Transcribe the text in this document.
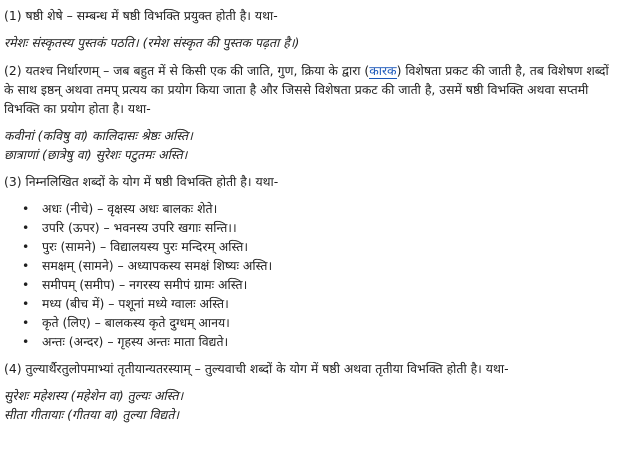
(1) षष्ठी शेषे – सम्बन्ध में षष्ठी विभक्ति प्रयुक्त होती है। यथा-

रमेशः संस्कृतस्य पुस्तकं पठति। (रमेश संस्कृत की पुस्तक पढ़ता है।)

(2) यतश्च निर्धारणम् – जब बहुत में से किसी एक की जाति, गुण, क्रिया के द्वारा (कारक) विशेषता प्रकट की जाती है, तब विशेषण शब्दों के साथ इष्ठन् अथवा तमप् प्रत्यय का प्रयोग किया जाता है और जिससे विशेषता प्रकट की जाती है, उसमें षष्ठी विभक्ति अथवा सप्तमी विभक्ति का प्रयोग होता है। यथा-

कवीनां (कविषु वा) कालिदासः श्रेष्ठः अस्ति।

छात्राणां (छात्रेषु वा) सुरेशः पटुतमः अस्ति।

(3) निम्नलिखित शब्दों के योग में षष्ठी विभक्ति होती है। यथा-

• अधः (नीचे) – वृक्षस्य अधः बालकः शेते।
• उपरि (ऊपर) – भवनस्य उपरि खगाः सन्ति।।
• पुरः (सामने) – विद्यालयस्य पुरः मन्दिरम् अस्ति।
• समक्षम् (सामने) – अध्यापकस्य समक्षं शिष्यः अस्ति।
• समीपम् (समीप) – नगरस्य समीपं ग्रामः अस्ति।
• मध्य (बीच में) – पशूनां मध्ये ग्वालः अस्ति।
• कृते (लिए) – बालकस्य कृते दुग्धम् आनय।
• अन्तः (अन्दर) – गृहस्य अन्तः माता विद्यते।

(4) तुल्यार्थैरतुलोपमाभ्यां तृतीयान्यतरस्याम् – तुल्यवाची शब्दों के योग में षष्ठी अथवा तृतीया विभक्ति होती है। यथा-

सुरेशः महेशस्य (महेशेन वा) तुल्यः अस्ति।

सीता गीतायाः (गीतया वा) तुल्या विद्यते।
